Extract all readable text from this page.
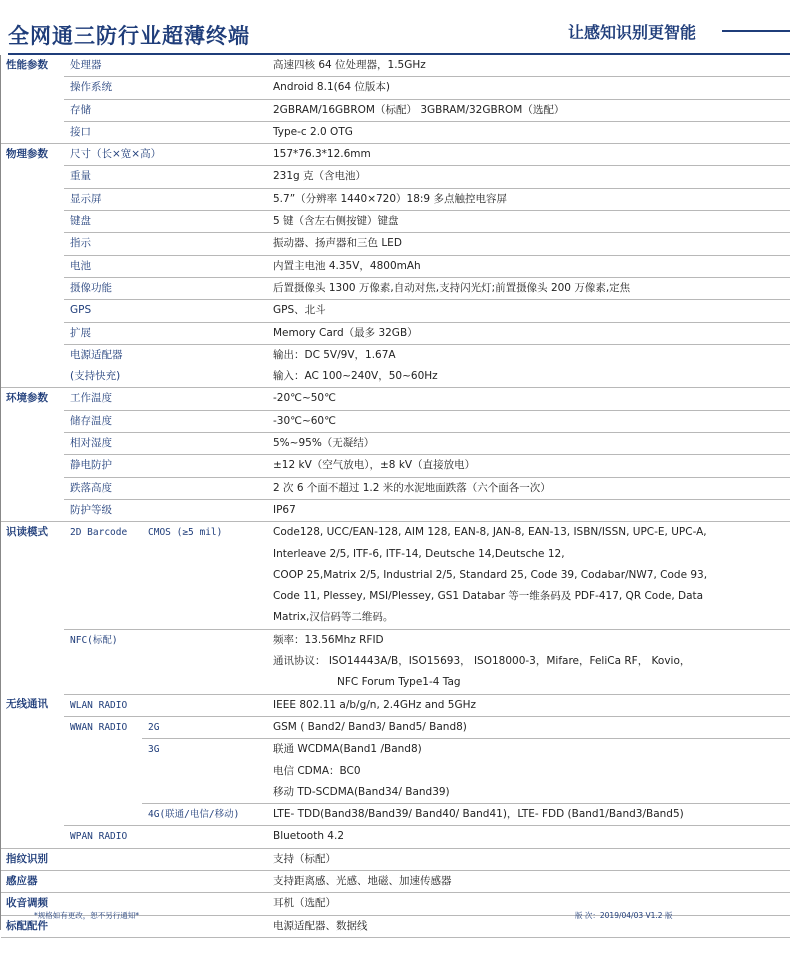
全网通三防行业超薄终端	让感知识别更智能
性能参数	处理器		高速四核 64 位处理器，1.5GHz
	操作系统		Android 8.1(64 位版本)
	存储		2GBRAM/16GBROM（标配） 3GBRAM/32GBROM（选配）
	接口		Type-c 2.0 OTG
物理参数	尺寸（长×宽×高）		157*76.3*12.6mm
	重量		231g 克（含电池）
	显示屏		5.7”（分辨率 1440×720）18:9 多点触控电容屏
	键盘		5 键（含左右侧按键）键盘
	指示		振动器、扬声器和三色 LED
	电池		内置主电池 4.35V，4800mAh
	摄像功能		后置摄像头 1300 万像素,自动对焦,支持闪光灯;前置摄像头 200 万像素,定焦
	GPS		GPS、北斗
	扩展		Memory Card（最多 32GB）
	电源适配器		输出：DC 5V/9V，1.67A
	(支持快充)		输入：AC 100~240V，50~60Hz
环境参数	工作温度		-20℃~50℃
	储存温度		-30℃~60℃
	相对湿度		5%~95%（无凝结）
	静电防护		±12 kV（空气放电），±8 kV（直接放电）
	跌落高度		2 次 6 个面不超过 1.2 米的水泥地面跌落（六个面各一次）
	防护等级		IP67
识读模式	2D Barcode	CMOS (≥5 mil)	Code128, UCC/EAN-128, AIM 128, EAN-8, JAN-8, EAN-13, ISBN/ISSN, UPC-E, UPC-A,
			Interleave 2/5, ITF-6, ITF-14, Deutsche 14,Deutsche 12,
			COOP 25,Matrix 2/5, Industrial 2/5, Standard 25, Code 39, Codabar/NW7, Code 93,
			Code 11, Plessey, MSI/Plessey, GS1 Databar 等一维条码及 PDF-417, QR Code, Data
			Matrix,汉信码等二维码。
	NFC(标配)		频率：13.56Mhz RFID
			通讯协议： ISO14443A/B，ISO15693， ISO18000-3，Mifare，FeliCa RF， Kovio，
			NFC Forum Type1-4 Tag
无线通讯	WLAN RADIO		IEEE 802.11 a/b/g/n, 2.4GHz and 5GHz
	WWAN RADIO	2G	GSM ( Band2/ Band3/ Band5/ Band8)
		3G	联通 WCDMA(Band1 /Band8)
			电信 CDMA：BC0
			移动 TD-SCDMA(Band34/ Band39)
		4G(联通/电信/移动)	LTE- TDD(Band38/Band39/ Band40/ Band41)，LTE- FDD (Band1/Band3/Band5)
	WPAN RADIO		Bluetooth 4.2
指纹识别			支持（标配）
感应器			支持距离感、光感、地磁、加速传感器
收音调频			耳机（选配）
标配配件			电源适配器、数据线
*规格如有更改，恕不另行通知*	版 次：2019/04/03 V1.2 版
